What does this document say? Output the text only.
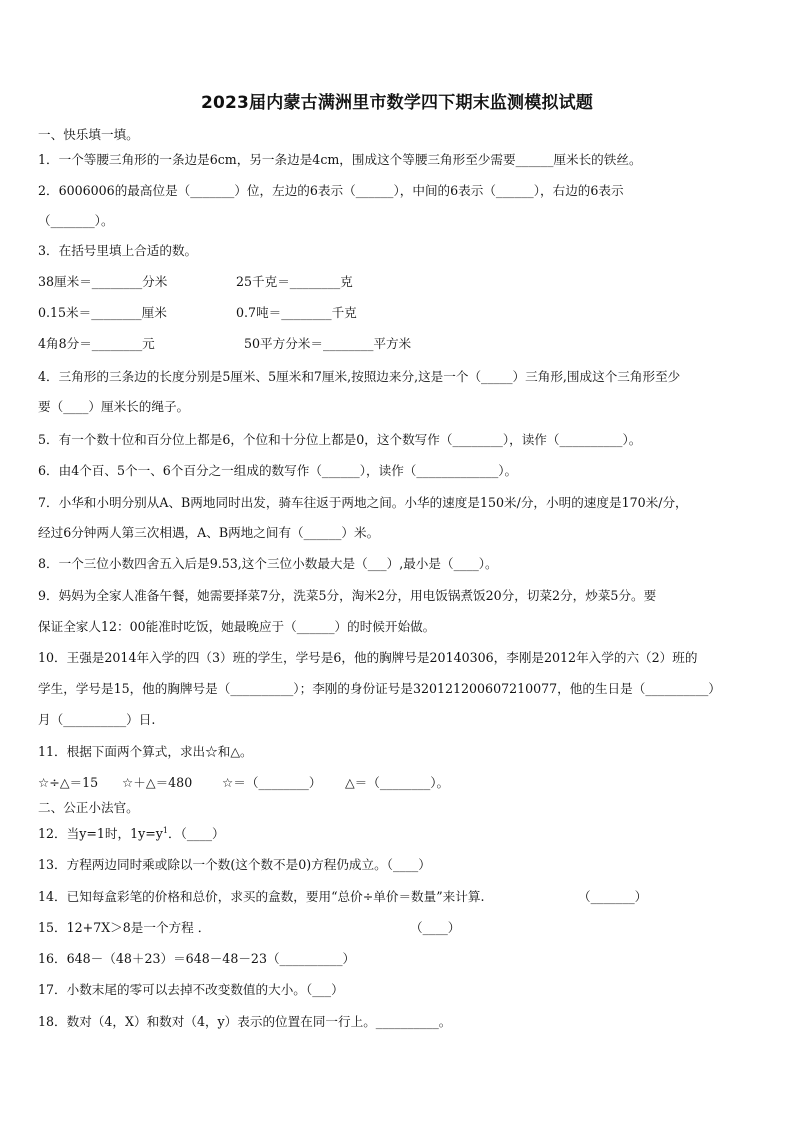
2023届内蒙古满洲里市数学四下期末监测模拟试题
一、快乐填一填。
1．一个等腰三角形的一条边是6cm，另一条边是4cm，围成这个等腰三角形至少需要______厘米长的铁丝。
2．6006006的最高位是（_______）位，左边的6表示（______），中间的6表示（______），右边的6表示
（_______）。
3．在括号里填上合适的数。
38厘米＝________分米	25千克＝________克
0.15米＝________厘米	0.7吨＝________千克
4角8分＝________元	50平方分米＝________平方米
4．三角形的三条边的长度分别是5厘米、5厘米和7厘米,按照边来分,这是一个（_____）三角形,围成这个三角形至少
要（____）厘米长的绳子。
5．有一个数十位和百分位上都是6，个位和十分位上都是0，这个数写作（________），读作（__________）。
6．由4个百、5个一、6个百分之一组成的数写作（______），读作（_____________）。
7．小华和小明分别从A、B两地同时出发，骑车往返于两地之间。小华的速度是150米/分，小明的速度是170米/分，
经过6分钟两人第三次相遇，A、B两地之间有（______）米。
8．一个三位小数四舍五入后是9.53,这个三位小数最大是（___）,最小是（____）。
9．妈妈为全家人准备午餐，她需要择菜7分，洗菜5分，淘米2分，用电饭锅煮饭20分，切菜2分，炒菜5分。要
保证全家人12：00能准时吃饭，她最晚应于（______）的时候开始做。
10．王强是2014年入学的四（3）班的学生，学号是6，他的胸牌号是20140306，李刚是2012年入学的六（2）班的
学生，学号是15，他的胸牌号是（__________）；李刚的身份证号是320121200607210077，他的生日是（__________）
月（__________）日.
11．根据下面两个算式，求出☆和△。
☆÷△＝15 ☆＋△＝480 ☆＝（________） △＝（________）。
二、公正小法官。
12．当y=1时，$1y=y^1$．（____）
13．方程两边同时乘或除以一个数(这个数不是0)方程仍成立。（____）
14．已知每盒彩笔的价格和总价，求买的盒数，要用“总价÷单价＝数量”来计算.	（_______）
15．12+7X＞8是一个方程 ．	（____）
16．648－（48＋23）＝648－48－23（__________）
17．小数末尾的零可以去掉不改变数值的大小。（___）
18．数对（4，X）和数对（4，y）表示的位置在同一行上。__________。
